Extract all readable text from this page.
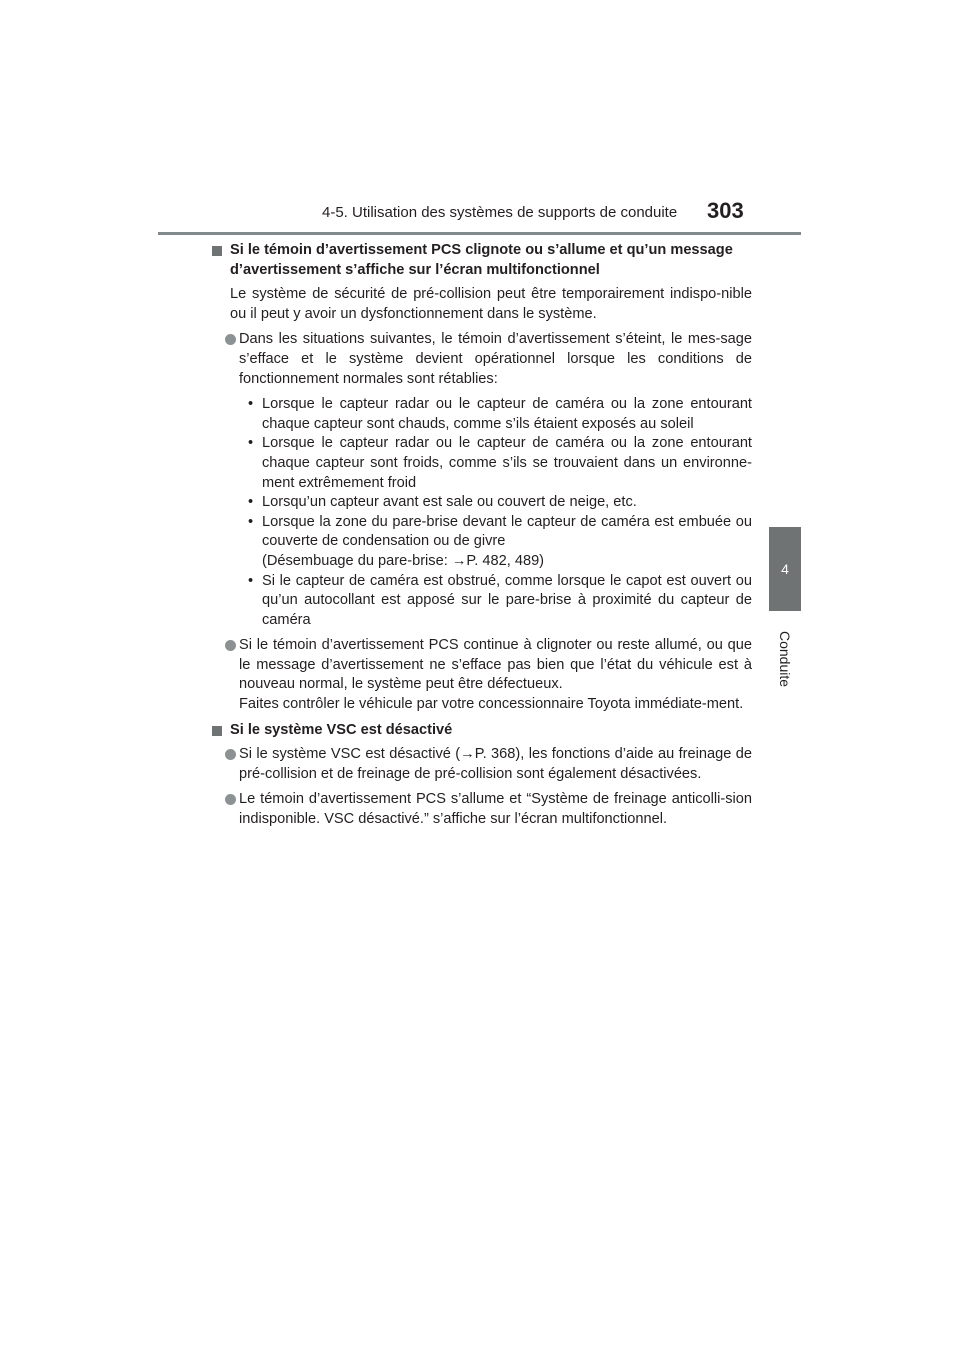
4-5. Utilisation des systèmes de supports de conduite 303
4
Conduite
Si le témoin d’avertissement PCS clignote ou s’allume et qu’un message d’avertissement s’affiche sur l’écran multifonctionnel
Le système de sécurité de pré-collision peut être temporairement indispo-nible ou il peut y avoir un dysfonctionnement dans le système.
Dans les situations suivantes, le témoin d’avertissement s’éteint, le mes-sage s’efface et le système devient opérationnel lorsque les conditions de fonctionnement normales sont rétablies:
• Lorsque le capteur radar ou le capteur de caméra ou la zone entourant chaque capteur sont chauds, comme s’ils étaient exposés au soleil
• Lorsque le capteur radar ou le capteur de caméra ou la zone entourant chaque capteur sont froids, comme s’ils se trouvaient dans un environne-ment extrêmement froid
• Lorsqu’un capteur avant est sale ou couvert de neige, etc.
• Lorsque la zone du pare-brise devant le capteur de caméra est embuée ou couverte de condensation ou de givre
(Désembuage du pare-brise: →P. 482, 489)
• Si le capteur de caméra est obstrué, comme lorsque le capot est ouvert ou qu’un autocollant est apposé sur le pare-brise à proximité du capteur de caméra
Si le témoin d’avertissement PCS continue à clignoter ou reste allumé, ou que le message d’avertissement ne s’efface pas bien que l’état du véhicule est à nouveau normal, le système peut être défectueux.
Faites contrôler le véhicule par votre concessionnaire Toyota immédiate-ment.
Si le système VSC est désactivé
Si le système VSC est désactivé (→P. 368), les fonctions d’aide au freinage de pré-collision et de freinage de pré-collision sont également désactivées.
Le témoin d’avertissement PCS s’allume et “Système de freinage anticolli-sion indisponible. VSC désactivé.” s’affiche sur l’écran multifonctionnel.
